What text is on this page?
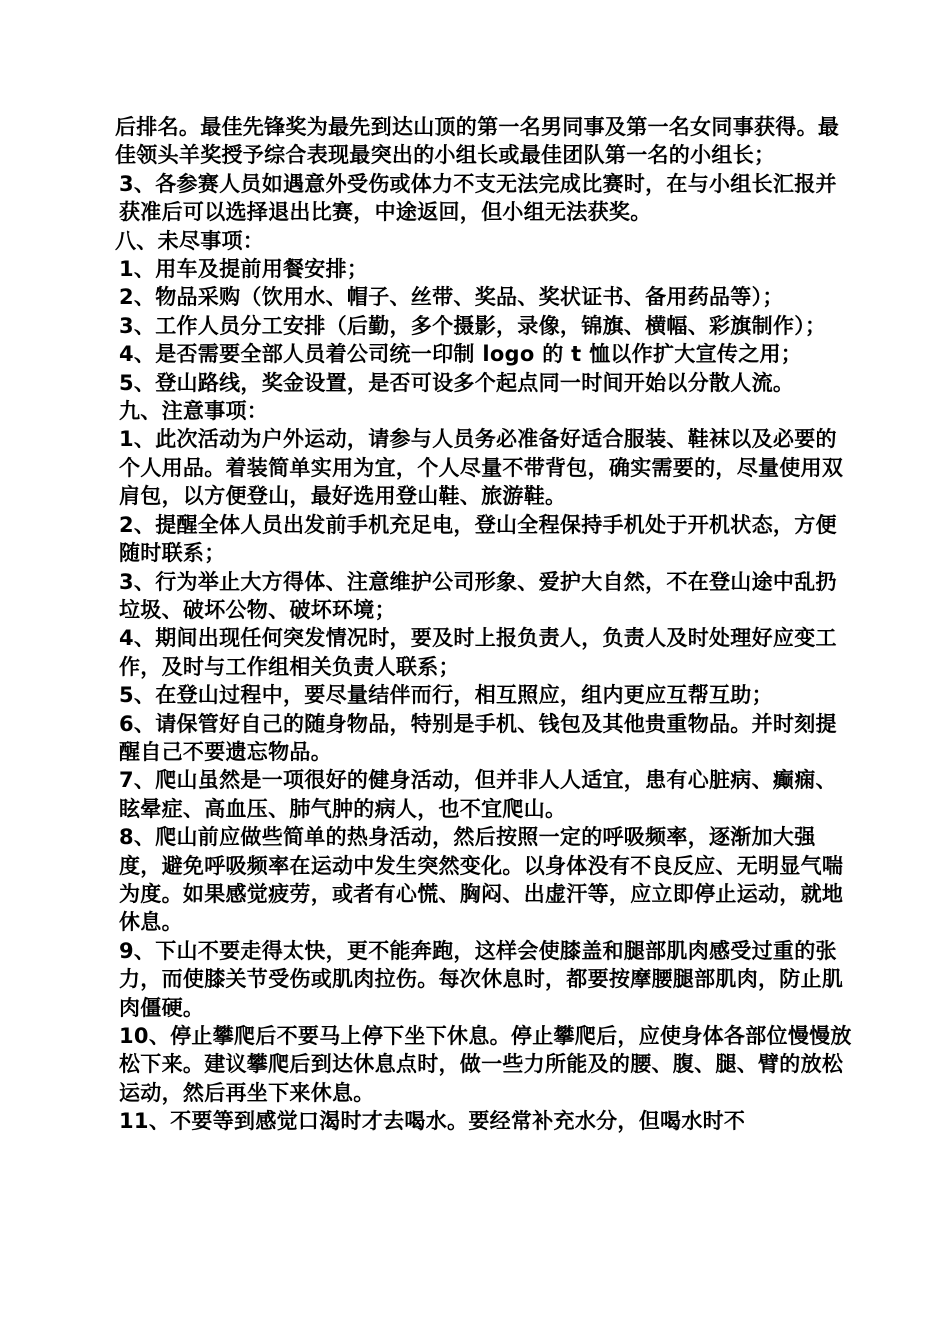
后排名。最佳先锋奖为最先到达山顶的第一名男同事及第一名女同事获得。最佳领头羊奖授予综合表现最突出的小组长或最佳团队第一名的小组长；

3、各参赛人员如遇意外受伤或体力不支无法完成比赛时，在与小组长汇报并获准后可以选择退出比赛，中途返回，但小组无法获奖。

八、未尽事项：

1、用车及提前用餐安排；

2、物品采购（饮用水、帽子、丝带、奖品、奖状证书、备用药品等）；

3、工作人员分工安排（后勤，多个摄影，录像，锦旗、横幅、彩旗制作）；

4、是否需要全部人员着公司统一印制 logo 的 t 恤以作扩大宣传之用；

5、登山路线，奖金设置，是否可设多个起点同一时间开始以分散人流。

九、注意事项：

1、此次活动为户外运动，请参与人员务必准备好适合服装、鞋袜以及必要的个人用品。着装简单实用为宜，个人尽量不带背包，确实需要的，尽量使用双肩包，以方便登山，最好选用登山鞋、旅游鞋。

2、提醒全体人员出发前手机充足电，登山全程保持手机处于开机状态，方便随时联系；

3、行为举止大方得体、注意维护公司形象、爱护大自然，不在登山途中乱扔垃圾、破坏公物、破坏环境；

4、期间出现任何突发情况时，要及时上报负责人，负责人及时处理好应变工作，及时与工作组相关负责人联系；

5、在登山过程中，要尽量结伴而行，相互照应，组内更应互帮互助；

6、请保管好自己的随身物品，特别是手机、钱包及其他贵重物品。并时刻提醒自己不要遗忘物品。

7、爬山虽然是一项很好的健身活动，但并非人人适宜，患有心脏病、癫痫、眩晕症、高血压、肺气肿的病人，也不宜爬山。

8、爬山前应做些简单的热身活动，然后按照一定的呼吸频率，逐渐加大强度，避免呼吸频率在运动中发生突然变化。以身体没有不良反应、无明显气喘为度。如果感觉疲劳，或者有心慌、胸闷、出虚汗等，应立即停止运动，就地休息。

9、下山不要走得太快，更不能奔跑，这样会使膝盖和腿部肌肉感受过重的张力，而使膝关节受伤或肌肉拉伤。每次休息时，都要按摩腰腿部肌肉，防止肌肉僵硬。

10、停止攀爬后不要马上停下坐下休息。停止攀爬后，应使身体各部位慢慢放松下来。建议攀爬后到达休息点时，做一些力所能及的腰、腹、腿、臂的放松运动，然后再坐下来休息。

11、不要等到感觉口渴时才去喝水。要经常补充水分，但喝水时不
